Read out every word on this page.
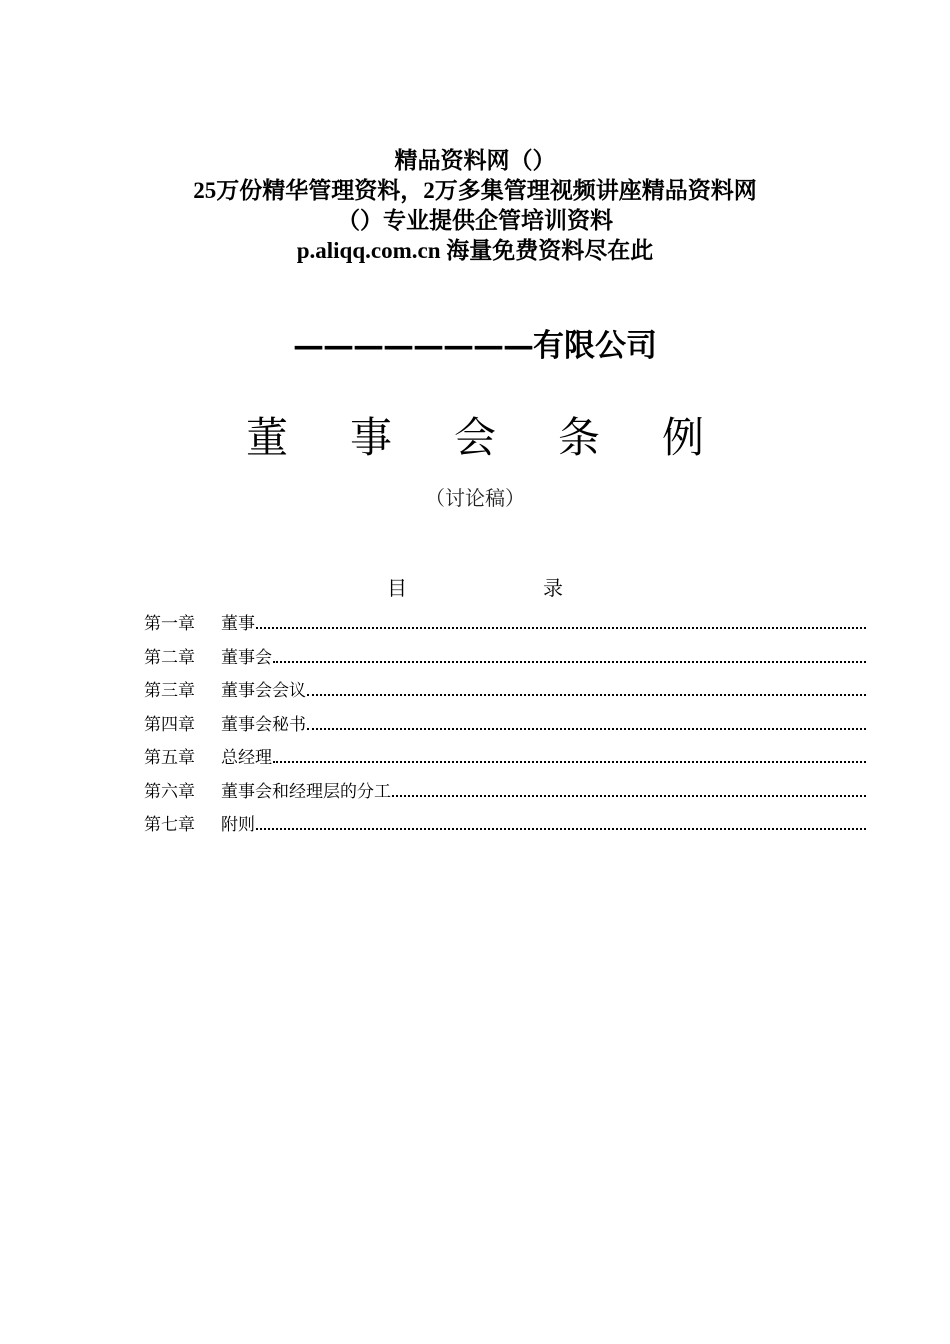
精品资料网（）
25万份精华管理资料，2万多集管理视频讲座精品资料网
（）专业提供企管培训资料
p.aliqq.com.cn 海量免费资料尽在此
————————有限公司
董事会条例
（讨论稿）
目	录
第一章	董事
第二章	董事会
第三章	董事会会议
第四章	董事会秘书
第五章	总经理
第六章	董事会和经理层的分工
第七章	附则
